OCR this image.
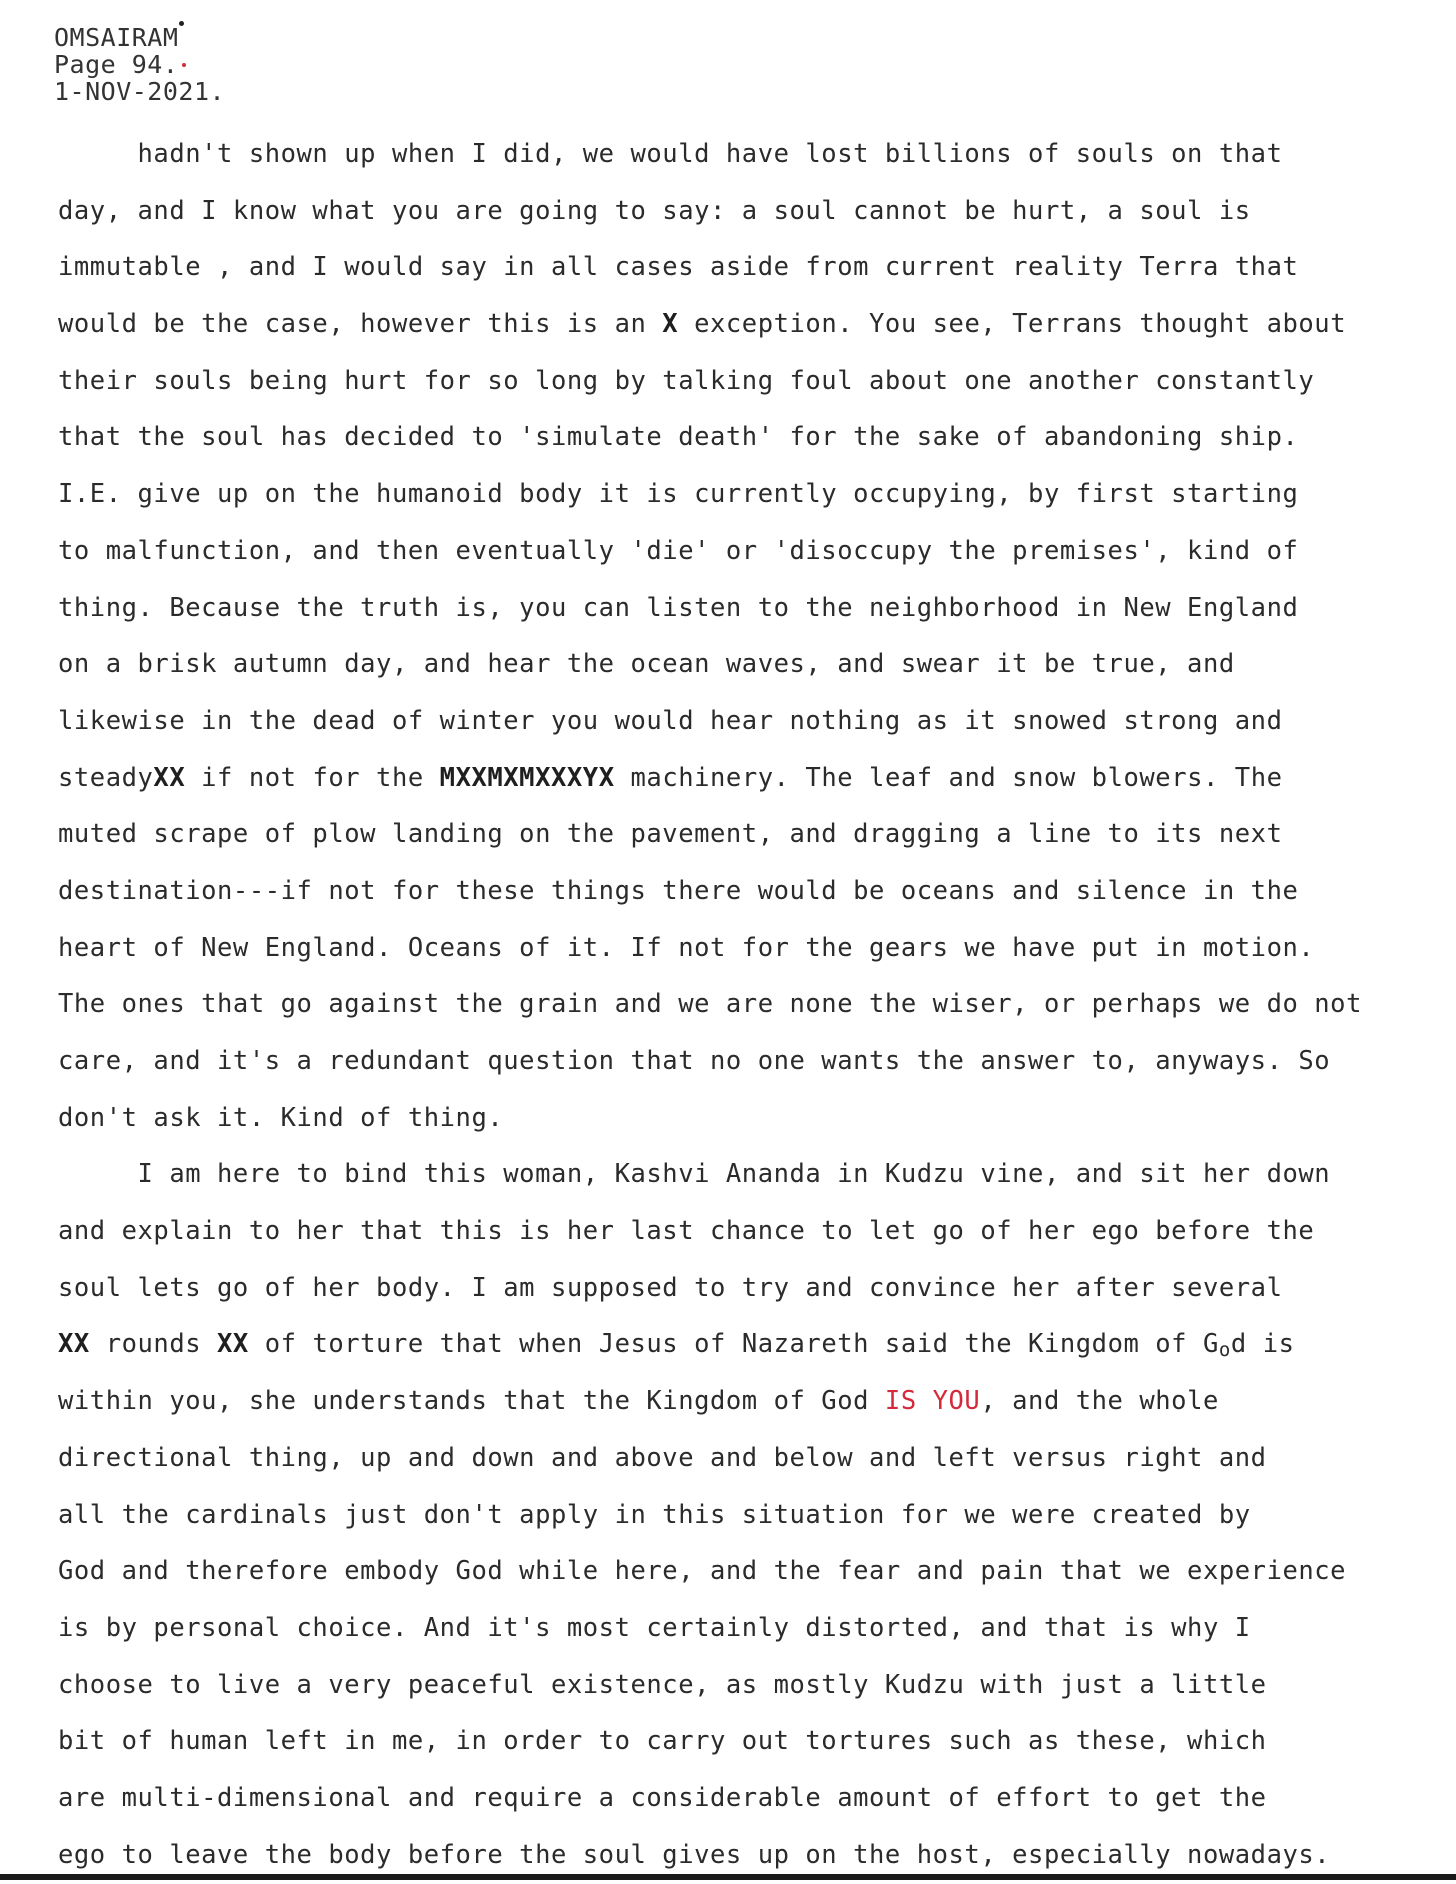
OMSAIRAM
Page 94.
1-NOV-2021.
hadn't shown up when I did, we would have lost billions of souls on that
day, and I know what you are going to say: a soul cannot be hurt, a soul is
immutable , and I would say in all cases aside from current reality Terra that
would be the case, however this is an X exception. You see, Terrans thought about
their souls being hurt for so long by talking foul about one another constantly
that the soul has decided to 'simulate death' for the sake of abandoning ship.
I.E. give up on the humanoid body it is currently occupying, by first starting
to malfunction, and then eventually 'die' or 'disoccupy the premises', kind of
thing. Because the truth is, you can listen to the neighborhood in New England
on a brisk autumn day, and hear the ocean waves, and swear it be true, and
likewise in the dead of winter you would hear nothing as it snowed strong and
steadyXX if not for the MXXMXMXXXYX machinery. The leaf and snow blowers. The
muted scrape of plow landing on the pavement, and dragging a line to its next
destination---if not for these things there would be oceans and silence in the
heart of New England. Oceans of it. If not for the gears we have put in motion.
The ones that go against the grain and we are none the wiser, or perhaps we do not
care, and it's a redundant question that no one wants the answer to, anyways. So
don't ask it. Kind of thing.
I am here to bind this woman, Kashvi Ananda in Kudzu vine, and sit her down
and explain to her that this is her last chance to let go of her ego before the
soul lets go of her body. I am supposed to try and convince her after several
XX rounds XX of torture that when Jesus of Nazareth said the Kingdom of God is
within you, she understands that the Kingdom of God IS YOU, and the whole
directional thing, up and down and above and below and left versus right and
all the cardinals just don't apply in this situation for we were created by
God and therefore embody God while here, and the fear and pain that we experience
is by personal choice. And it's most certainly distorted, and that is why I
choose to live a very peaceful existence, as mostly Kudzu with just a little
bit of human left in me, in order to carry out tortures such as these, which
are multi-dimensional and require a considerable amount of effort to get the
ego to leave the body before the soul gives up on the host, especially nowadays.
